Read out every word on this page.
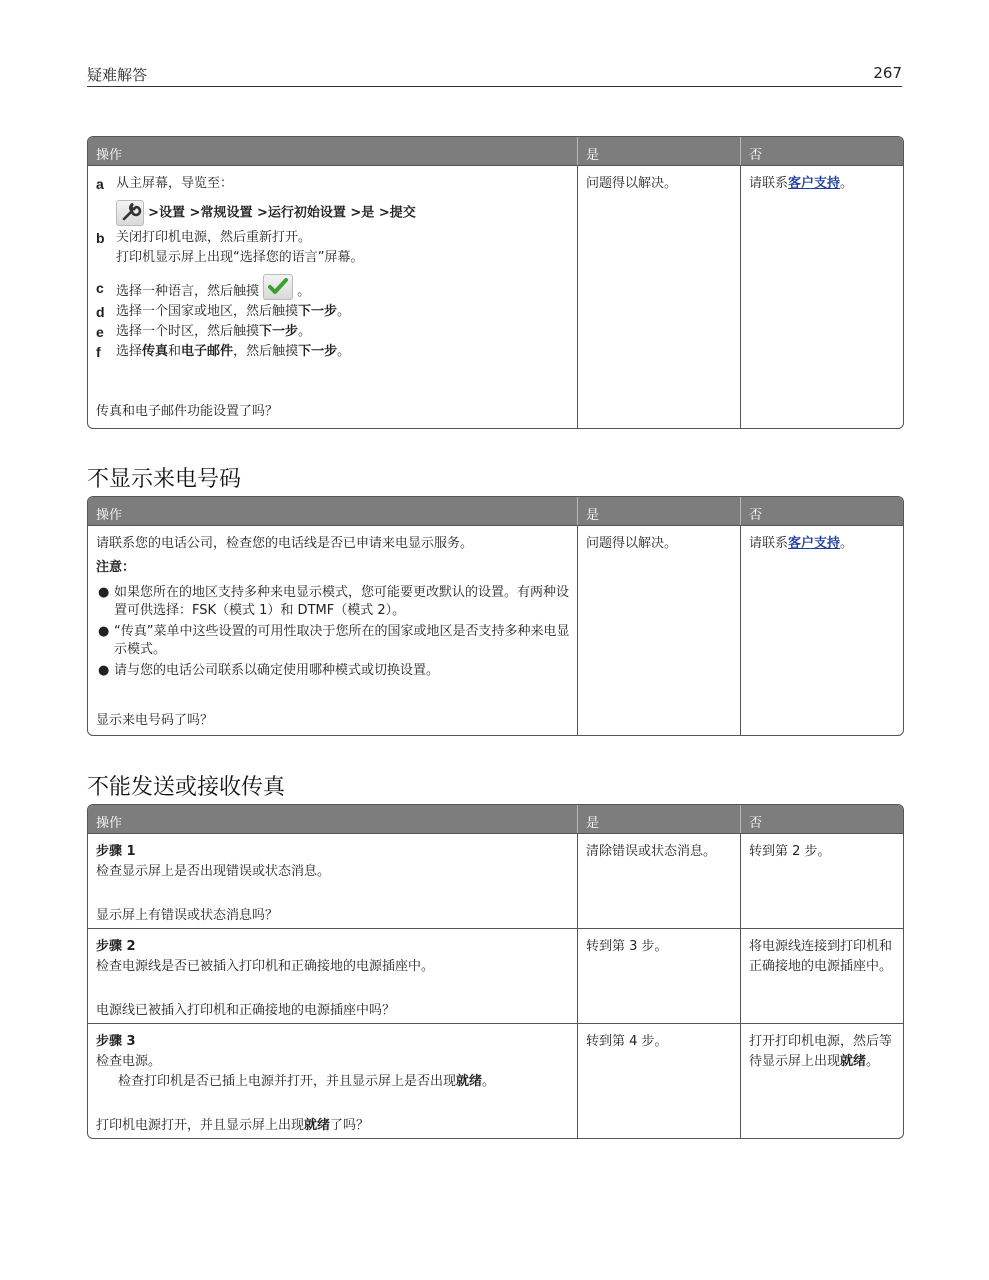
疑难解答	267
操作	是	否
a 从主屏幕，导览至：
>设置 >常规设置 >运行初始设置 >是 >提交
b 关闭打印机电源，然后重新打开。
打印机显示屏上出现“选择您的语言”屏幕。
c 选择一种语言，然后触摸	。
d 选择一个国家或地区，然后触摸下一步。
e 选择一个时区，然后触摸下一步。
f 选择传真和电子邮件，然后触摸下一步。
传真和电子邮件功能设置了吗？
问题得以解决。	请联系客户支持。
不显示来电号码
操作	是	否
请联系您的电话公司，检查您的电话线是否已申请来电显示服务。
注意：
● 如果您所在的地区支持多种来电显示模式，您可能要更改默认的设置。有两种设置可供选择：FSK（模式 1）和 DTMF（模式 2）。
● “传真”菜单中这些设置的可用性取决于您所在的国家或地区是否支持多种来电显示模式。
● 请与您的电话公司联系以确定使用哪种模式或切换设置。
显示来电号码了吗？
问题得以解决。	请联系客户支持。
不能发送或接收传真
操作	是	否
步骤 1
检查显示屏上是否出现错误或状态消息。
显示屏上有错误或状态消息吗？
清除错误或状态消息。	转到第 2 步。
步骤 2
检查电源线是否已被插入打印机和正确接地的电源插座中。
电源线已被插入打印机和正确接地的电源插座中吗？
转到第 3 步。	将电源线连接到打印机和正确接地的电源插座中。
步骤 3
检查电源。
检查打印机是否已插上电源并打开，并且显示屏上是否出现就绪。
打印机电源打开，并且显示屏上出现就绪了吗？
转到第 4 步。	打开打印机电源，然后等待显示屏上出现就绪。
